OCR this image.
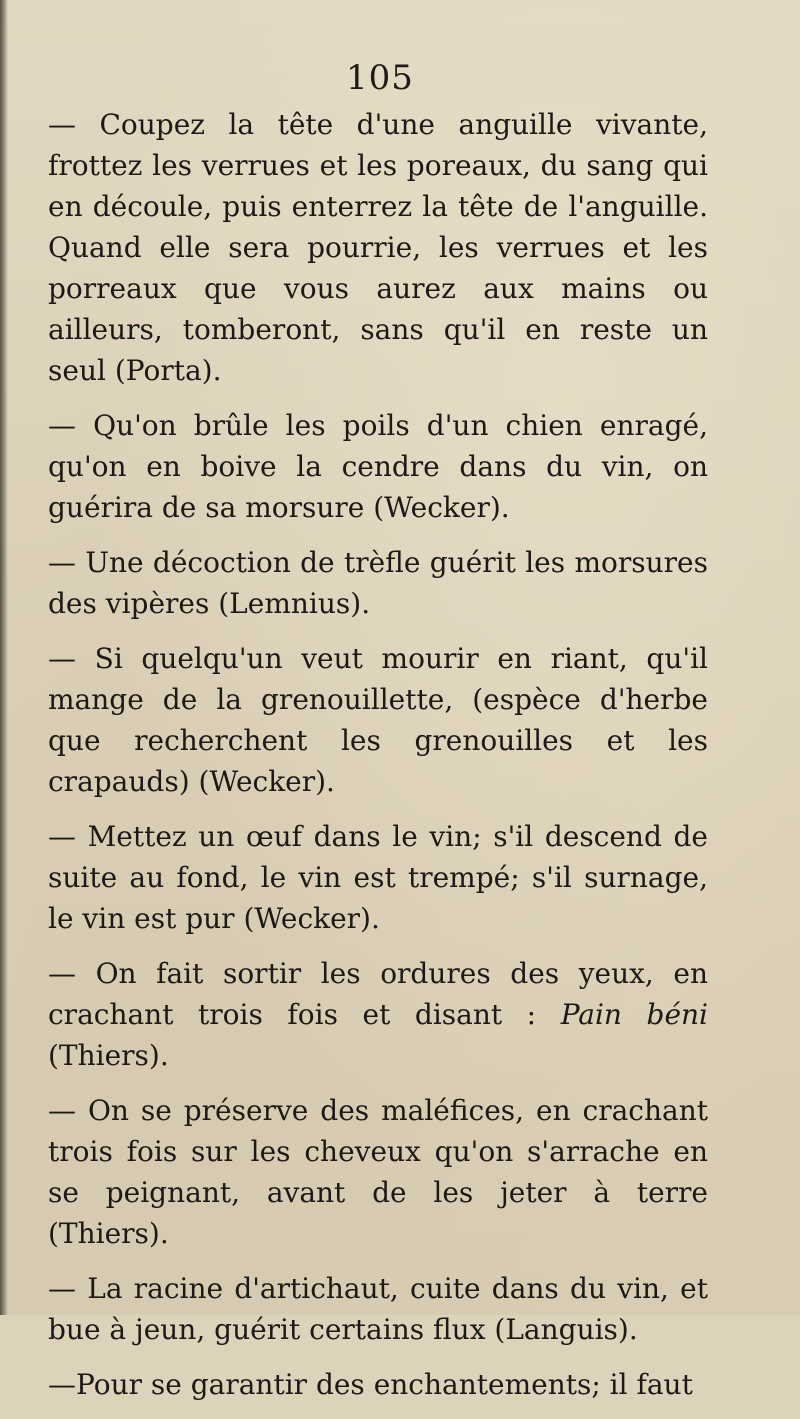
105

— Coupez la tête d'une anguille vivante, frottez les verrues et les poreaux, du sang qui en découle, puis enterrez la tête de l'anguille. Quand elle sera pourrie, les verrues et les porreaux que vous aurez aux mains ou ailleurs, tomberont, sans qu'il en reste un seul (Porta).

— Qu'on brûle les poils d'un chien enragé, qu'on en boive la cendre dans du vin, on guérira de sa morsure (Wecker).

— Une décoction de trèfle guérit les morsures des vipères (Lemnius).

— Si quelqu'un veut mourir en riant, qu'il mange de la grenouillette, (espèce d'herbe que recherchent les grenouilles et les crapauds) (Wecker).

— Mettez un œuf dans le vin; s'il descend de suite au fond, le vin est trempé; s'il surnage, le vin est pur (Wecker).

— On fait sortir les ordures des yeux, en crachant trois fois et disant : Pain béni (Thiers).

— On se préserve des maléfices, en crachant trois fois sur les cheveux qu'on s'arrache en se peignant, avant de les jeter à terre (Thiers).

— La racine d'artichaut, cuite dans du vin, et bue à jeun, guérit certains flux (Languis).

—Pour se garantir des enchantements; il faut
